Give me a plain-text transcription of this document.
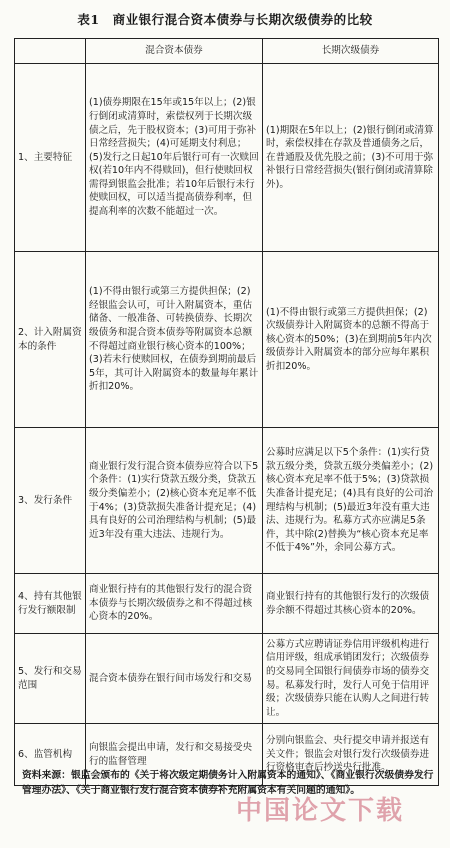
表1　商业银行混合资本债券与长期次级债券的比较
	混合资本债券	长期次级债券
1、主要特征	(1)债券期限在15年或15年以上；(2)银行倒闭或清算时，索偿权列于长期次级债之后，先于股权资本；(3)可用于弥补日常经营损失；(4)可延期支付利息；(5)发行之日起10年后银行可有一次赎回权(若10年内不得赎回)，但行使赎回权需得到银监会批准；若10年后银行未行使赎回权，可以适当提高债券利率，但提高利率的次数不能超过一次。	(1)期限在5年以上；(2)银行倒闭或清算时，索偿权排在存款及普通债务之后，在普通股及优先股之前；(3)不可用于弥补银行日常经营损失(银行倒闭或清算除外)。
2、计入附属资本的条件	(1)不得由银行或第三方提供担保；(2)经银监会认可，可计入附属资本，重估储备、一般准备、可转换债券、长期次级债务和混合资本债券等附属资本总额不得超过商业银行核心资本的100%；(3)若未行使赎回权，在债券到期前最后5年，其可计入附属资本的数量每年累计折扣20%。	(1)不得由银行或第三方提供担保；(2)次级债券计入附属资本的总额不得高于核心资本的50%；(3)在到期前5年内次级债券计入附属资本的部分应每年累积折扣20%。
3、发行条件	商业银行发行混合资本债券应符合以下5个条件：(1)实行贷款五级分类，贷款五级分类偏差小；(2)核心资本充足率不低于4%；(3)贷款损失准备计提充足；(4)具有良好的公司治理结构与机制；(5)最近3年没有重大违法、违规行为。	公募时应满足以下5个条件：(1)实行贷款五级分类，贷款五级分类偏差小；(2)核心资本充足率不低于5%；(3)贷款损失准备计提充足；(4)具有良好的公司治理结构与机制；(5)最近3年没有重大违法、违规行为。私募方式亦应满足5条件，其中除(2)替换为“核心资本充足率不低于4%”外，余同公募方式。
4、持有其他银行发行额限制	商业银行持有的其他银行发行的混合资本债券与长期次级债券之和不得超过核心资本的20%。	商业银行持有的其他银行发行的次级债券余额不得超过其核心资本的20%。
5、发行和交易范围	混合资本债券在银行间市场发行和交易	公募方式应聘请证券信用评级机构进行信用评级，组成承销团发行；次级债券的交易同全国银行间债券市场的债券交易。私募发行时，发行人可免于信用评级；次级债券只能在认购人之间进行转让。
6、监管机构	向银监会提出申请，发行和交易接受央行的监督管理	分别向银监会、央行提交申请并报送有关文件；银监会对银行发行次级债券进行资格审查后抄送央行批准。
资料来源：银监会颁布的《关于将次级定期债务计入附属资本的通知》、《商业银行次级债券发行管理办法》、《关于商业银行发行混合资本债券补充附属资本有关问题的通知》。
中国论文下载
